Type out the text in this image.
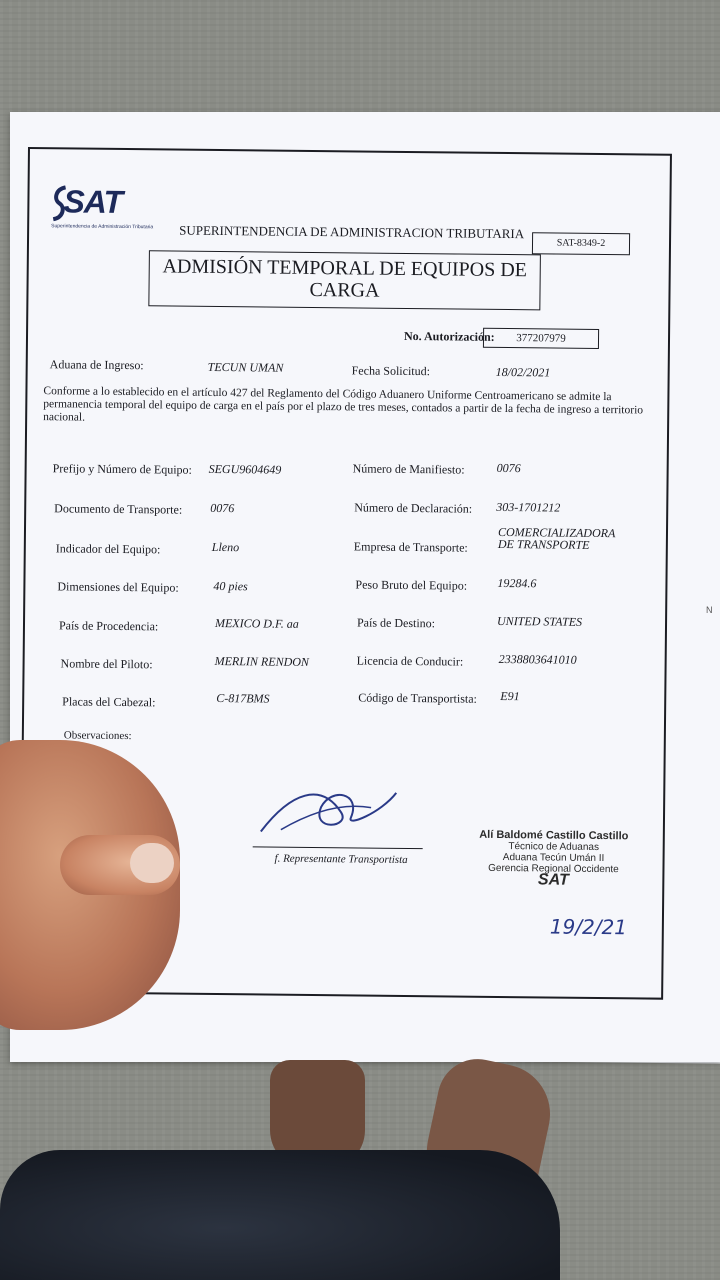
SAT
Superintendencia de Administración Tributaria SUPERINTENDENCIA DE ADMINISTRACION TRIBUTARIA
SAT-8349-2
ADMISIÓN TEMPORAL DE EQUIPOS DE
CARGA
No. Autorización:	377207979
Aduana de Ingreso:	TECUN UMAN	Fecha Solicitud:	18/02/2021
Conforme a lo establecido en el artículo 427 del Reglamento del Código Aduanero Uniforme Centroamericano se admite la permanencia temporal del equipo de carga en el país por el plazo de tres meses, contados a partir de la fecha de ingreso a territorio nacional.
Prefijo y Número de Equipo: SEGU9604649	Número de Manifiesto:	0076
Documento de Transporte: 0076	Número de Declaración: 303-1701212
Indicador del Equipo:	Lleno	Empresa de Transporte:
COMERCIALIZADORA
DE TRANSPORTE
Dimensiones del Equipo:	40 pies	Peso Bruto del Equipo:	19284.6
País de Procedencia:	MEXICO D.F. aa	País de Destino:	UNITED STATES
Nombre del Piloto:	MERLIN RENDON	Licencia de Conducir:	2338803641010
Placas del Cabezal:	C-817BMS	Código de Transportista: E91
Observaciones:
f. Representante Transportista
Alí Baldomé Castillo Castillo
Técnico de Aduanas
Aduana Tecún Umán II
Gerencia Regional Occidente
SAT
19/2/21
N
